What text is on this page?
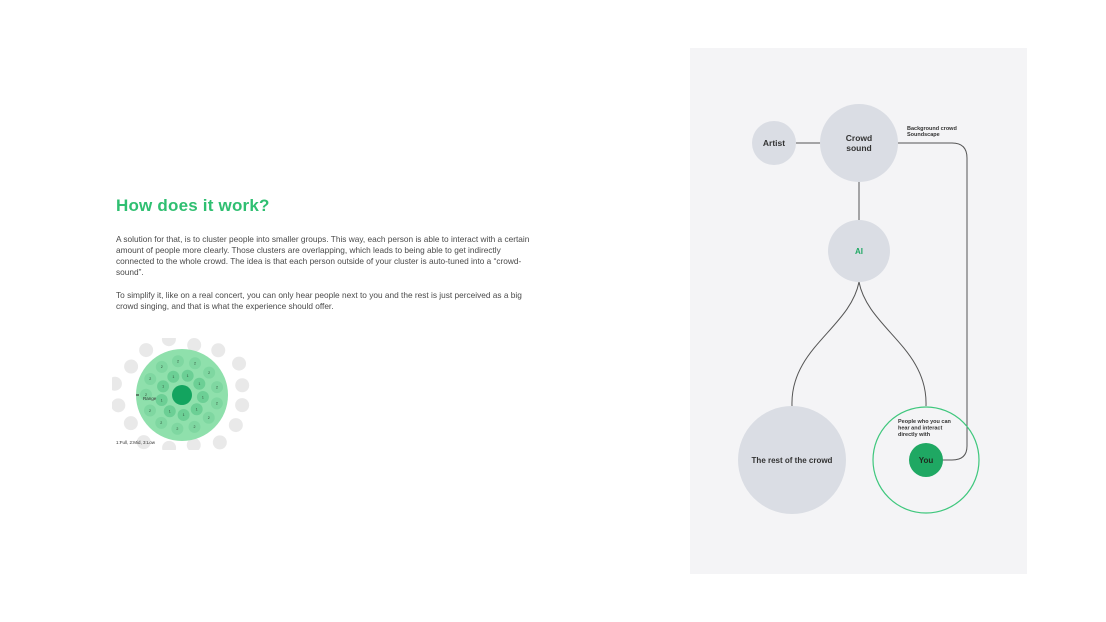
How does it work?

A solution for that, is to cluster people into smaller groups. This way, each person is able to interact with a certain amount of people more clearly. Those clusters are overlapping, which leads to being able to get indirectly connected to the whole crowd. The idea is that each person outside of your cluster is auto-tuned into a “crowd-sound”.

To simplify it, like on a real concert, you can only hear people next to you and the rest is just perceived as a big crowd singing, and that is what the experience should offer.

2
2
2
2
2
2
2
2
2
2
2
2
2
1
1
1
1
1
1
1
1	1
Range
1:Full, 2:Mid, 3:Low
Artist	Crowd
sound
Background crowd
Soundscape
AI
The rest of the crowd
People who you can
hear and interact
directly with
You
